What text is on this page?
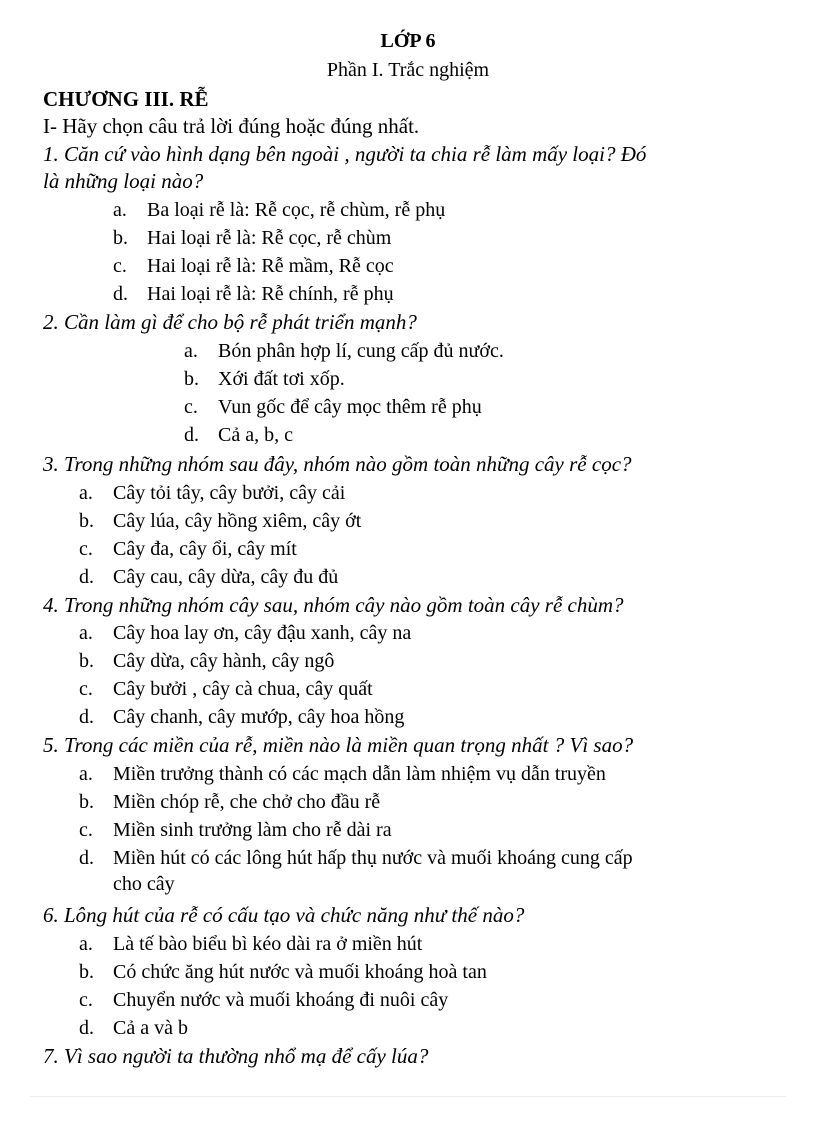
LỚP 6
Phần I. Trắc nghiệm
CHƯƠNG III. RỄ
I- Hãy chọn câu trả lời đúng hoặc đúng nhất.
1. Căn cứ vào hình dạng bên ngoài , người ta chia rễ làm mấy loại? Đó
là những loại nào?
a. Ba loại rễ là: Rễ cọc, rễ chùm, rễ phụ
b. Hai loại rễ là: Rễ cọc, rễ chùm
c. Hai loại rễ là: Rễ mầm, Rễ cọc
d. Hai loại rễ là: Rễ chính, rễ phụ
2. Cần làm gì để cho bộ rễ phát triển mạnh?
a. Bón phân hợp lí, cung cấp đủ nước.
b. Xới đất tơi xốp.
c. Vun gốc để cây mọc thêm rễ phụ
d. Cả a, b, c
3. Trong những nhóm sau đây, nhóm nào gồm toàn những cây rễ cọc?
a. Cây tỏi tây, cây bưởi, cây cải
b. Cây lúa, cây hồng xiêm, cây ớt
c. Cây đa, cây ổi, cây mít
d. Cây cau, cây dừa, cây đu đủ
4. Trong những nhóm cây sau, nhóm cây nào gồm toàn cây rễ chùm?
a. Cây hoa lay ơn, cây đậu xanh, cây na
b. Cây dừa, cây hành, cây ngô
c. Cây bưởi , cây cà chua, cây quất
d. Cây chanh, cây mướp, cây hoa hồng
5. Trong các miền của rễ, miền nào là miền quan trọng nhất ? Vì sao?
a. Miền trưởng thành có các mạch dẫn làm nhiệm vụ dẫn truyền
b. Miền chóp rễ, che chở cho đầu rễ
c. Miền sinh trưởng làm cho rễ dài ra
d. Miền hút có các lông hút hấp thụ nước và muối khoáng cung cấp
cho cây
6. Lông hút của rễ có cấu tạo và chức năng như thế nào?
a. Là tế bào biểu bì kéo dài ra ở miền hút
b. Có chức ăng hút nước và muối khoáng hoà tan
c. Chuyển nước và muối khoáng đi nuôi cây
d. Cả a và b
7. Vì sao người ta thường nhổ mạ để cấy lúa?
